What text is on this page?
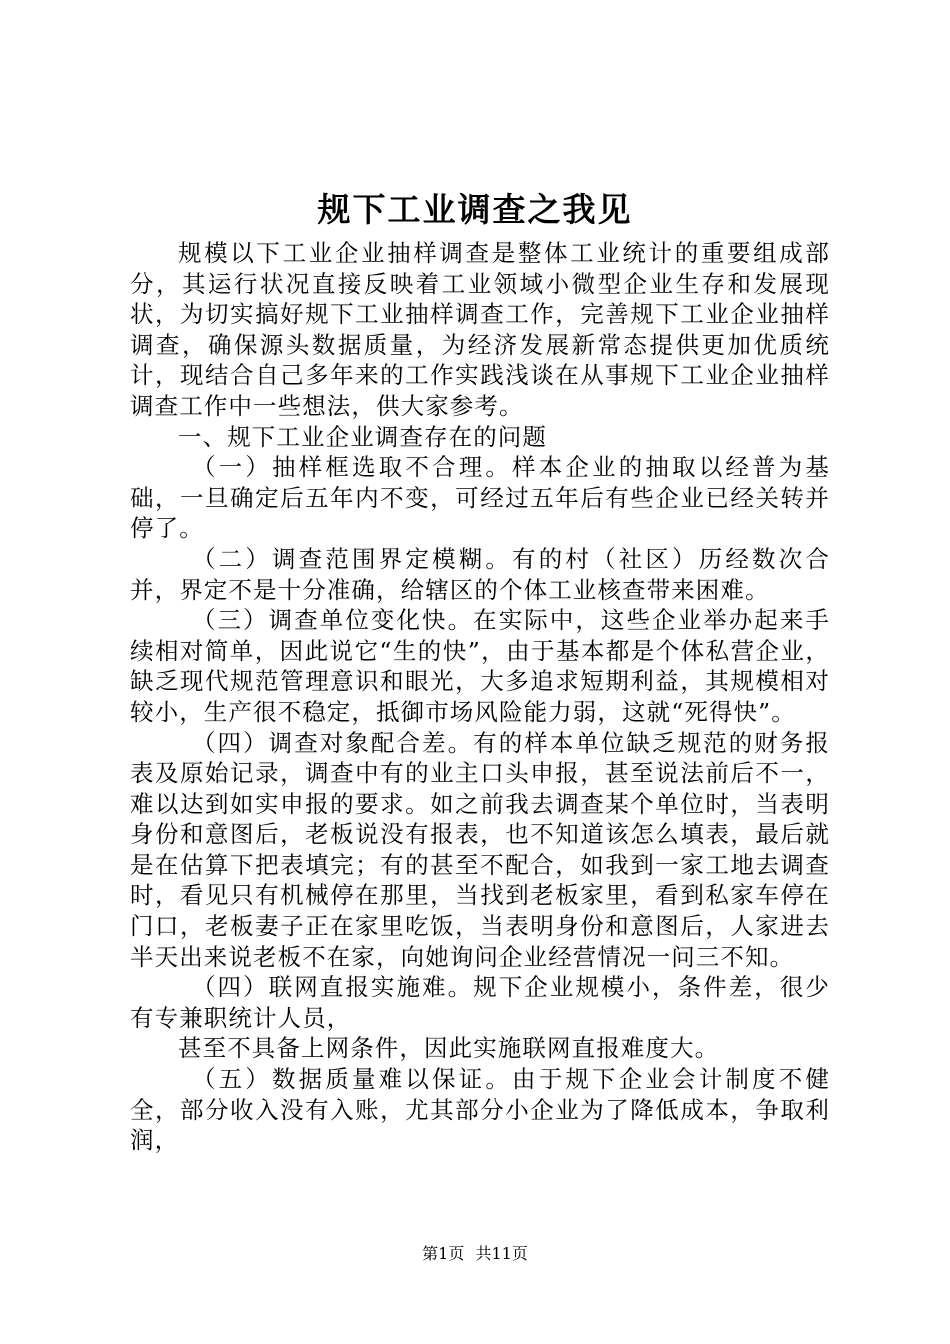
规下工业调查之我见

规模以下工业企业抽样调查是整体工业统计的重要组成部分，其运行状况直接反映着工业领域小微型企业生存和发展现状，为切实搞好规下工业抽样调查工作，完善规下工业企业抽样调查，确保源头数据质量，为经济发展新常态提供更加优质统计，现结合自己多年来的工作实践浅谈在从事规下工业企业抽样调查工作中一些想法，供大家参考。

一、规下工业企业调查存在的问题

（一）抽样框选取不合理。样本企业的抽取以经普为基础，一旦确定后五年内不变，可经过五年后有些企业已经关转并停了。

（二）调查范围界定模糊。有的村（社区）历经数次合并，界定不是十分准确，给辖区的个体工业核查带来困难。

（三）调查单位变化快。在实际中，这些企业举办起来手续相对简单，因此说它“生的快”，由于基本都是个体私营企业，缺乏现代规范管理意识和眼光，大多追求短期利益，其规模相对较小，生产很不稳定，抵御市场风险能力弱，这就“死得快”。

（四）调查对象配合差。有的样本单位缺乏规范的财务报表及原始记录，调查中有的业主口头申报，甚至说法前后不一，难以达到如实申报的要求。如之前我去调查某个单位时，当表明身份和意图后，老板说没有报表，也不知道该怎么填表，最后就是在估算下把表填完；有的甚至不配合，如我到一家工地去调查时，看见只有机械停在那里，当找到老板家里，看到私家车停在门口，老板妻子正在家里吃饭，当表明身份和意图后，人家进去半天出来说老板不在家，向她询问企业经营情况一问三不知。

（四）联网直报实施难。规下企业规模小，条件差，很少有专兼职统计人员，

甚至不具备上网条件，因此实施联网直报难度大。

（五）数据质量难以保证。由于规下企业会计制度不健全，部分收入没有入账，尤其部分小企业为了降低成本，争取利润，

第1页 共11页
